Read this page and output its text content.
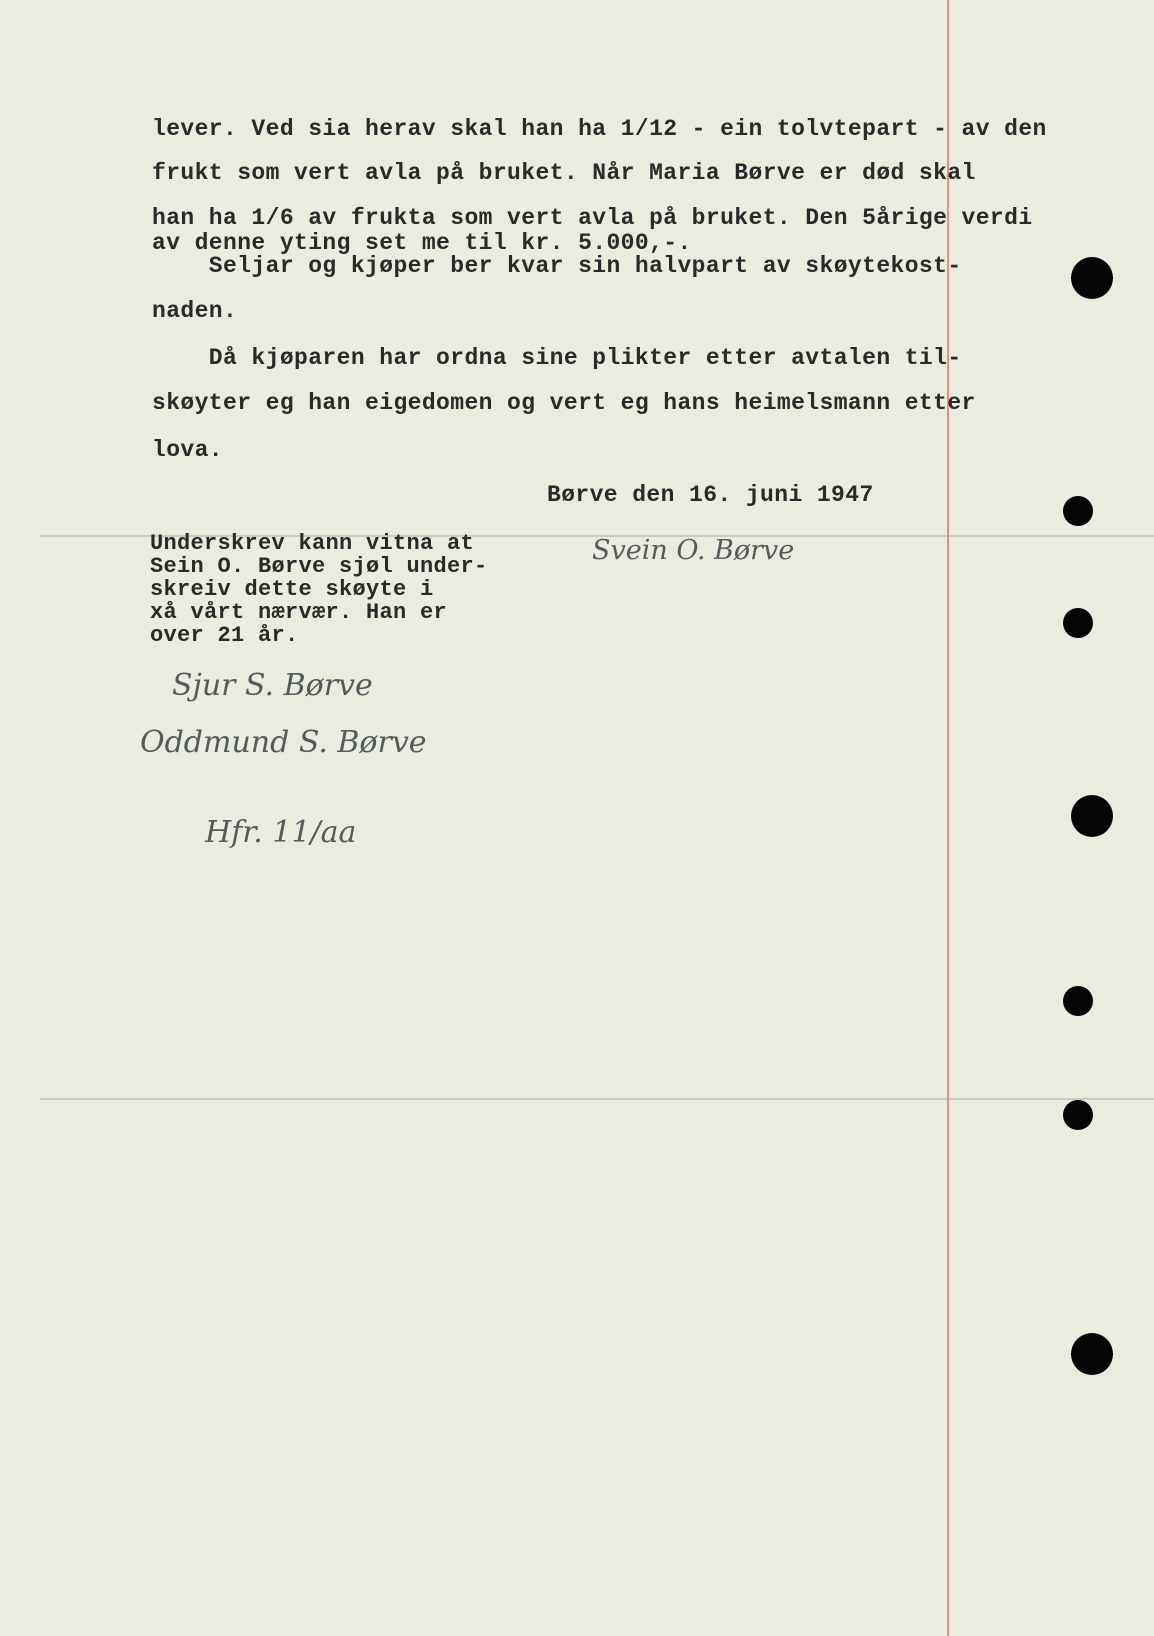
lever. Ved sia herav skal han ha 1/12 - ein tolvtepart - av den
frukt som vert avla på bruket. Når Maria Børve er død skal
han ha 1/6 av frukta som vert avla på bruket. Den 5årige verdi
av denne yting set me til kr. 5.000,-.
Seljar og kjøper ber kvar sin halvpart av skøytekost-
naden.
Då kjøparen har ordna sine plikter etter avtalen til-
skøyter eg han eigedomen og vert eg hans heimelsmann etter
lova.
Børve den 16. juni 1947
Svein O. Børve
Underskrev kann vitna at
Sein O. Børve sjøl under-
skreiv dette skøyte i
xå vårt nærvær. Han er
over 21 år.
Sjur S. Børve
Oddmund S. Børve
Hfr. 11/aa
